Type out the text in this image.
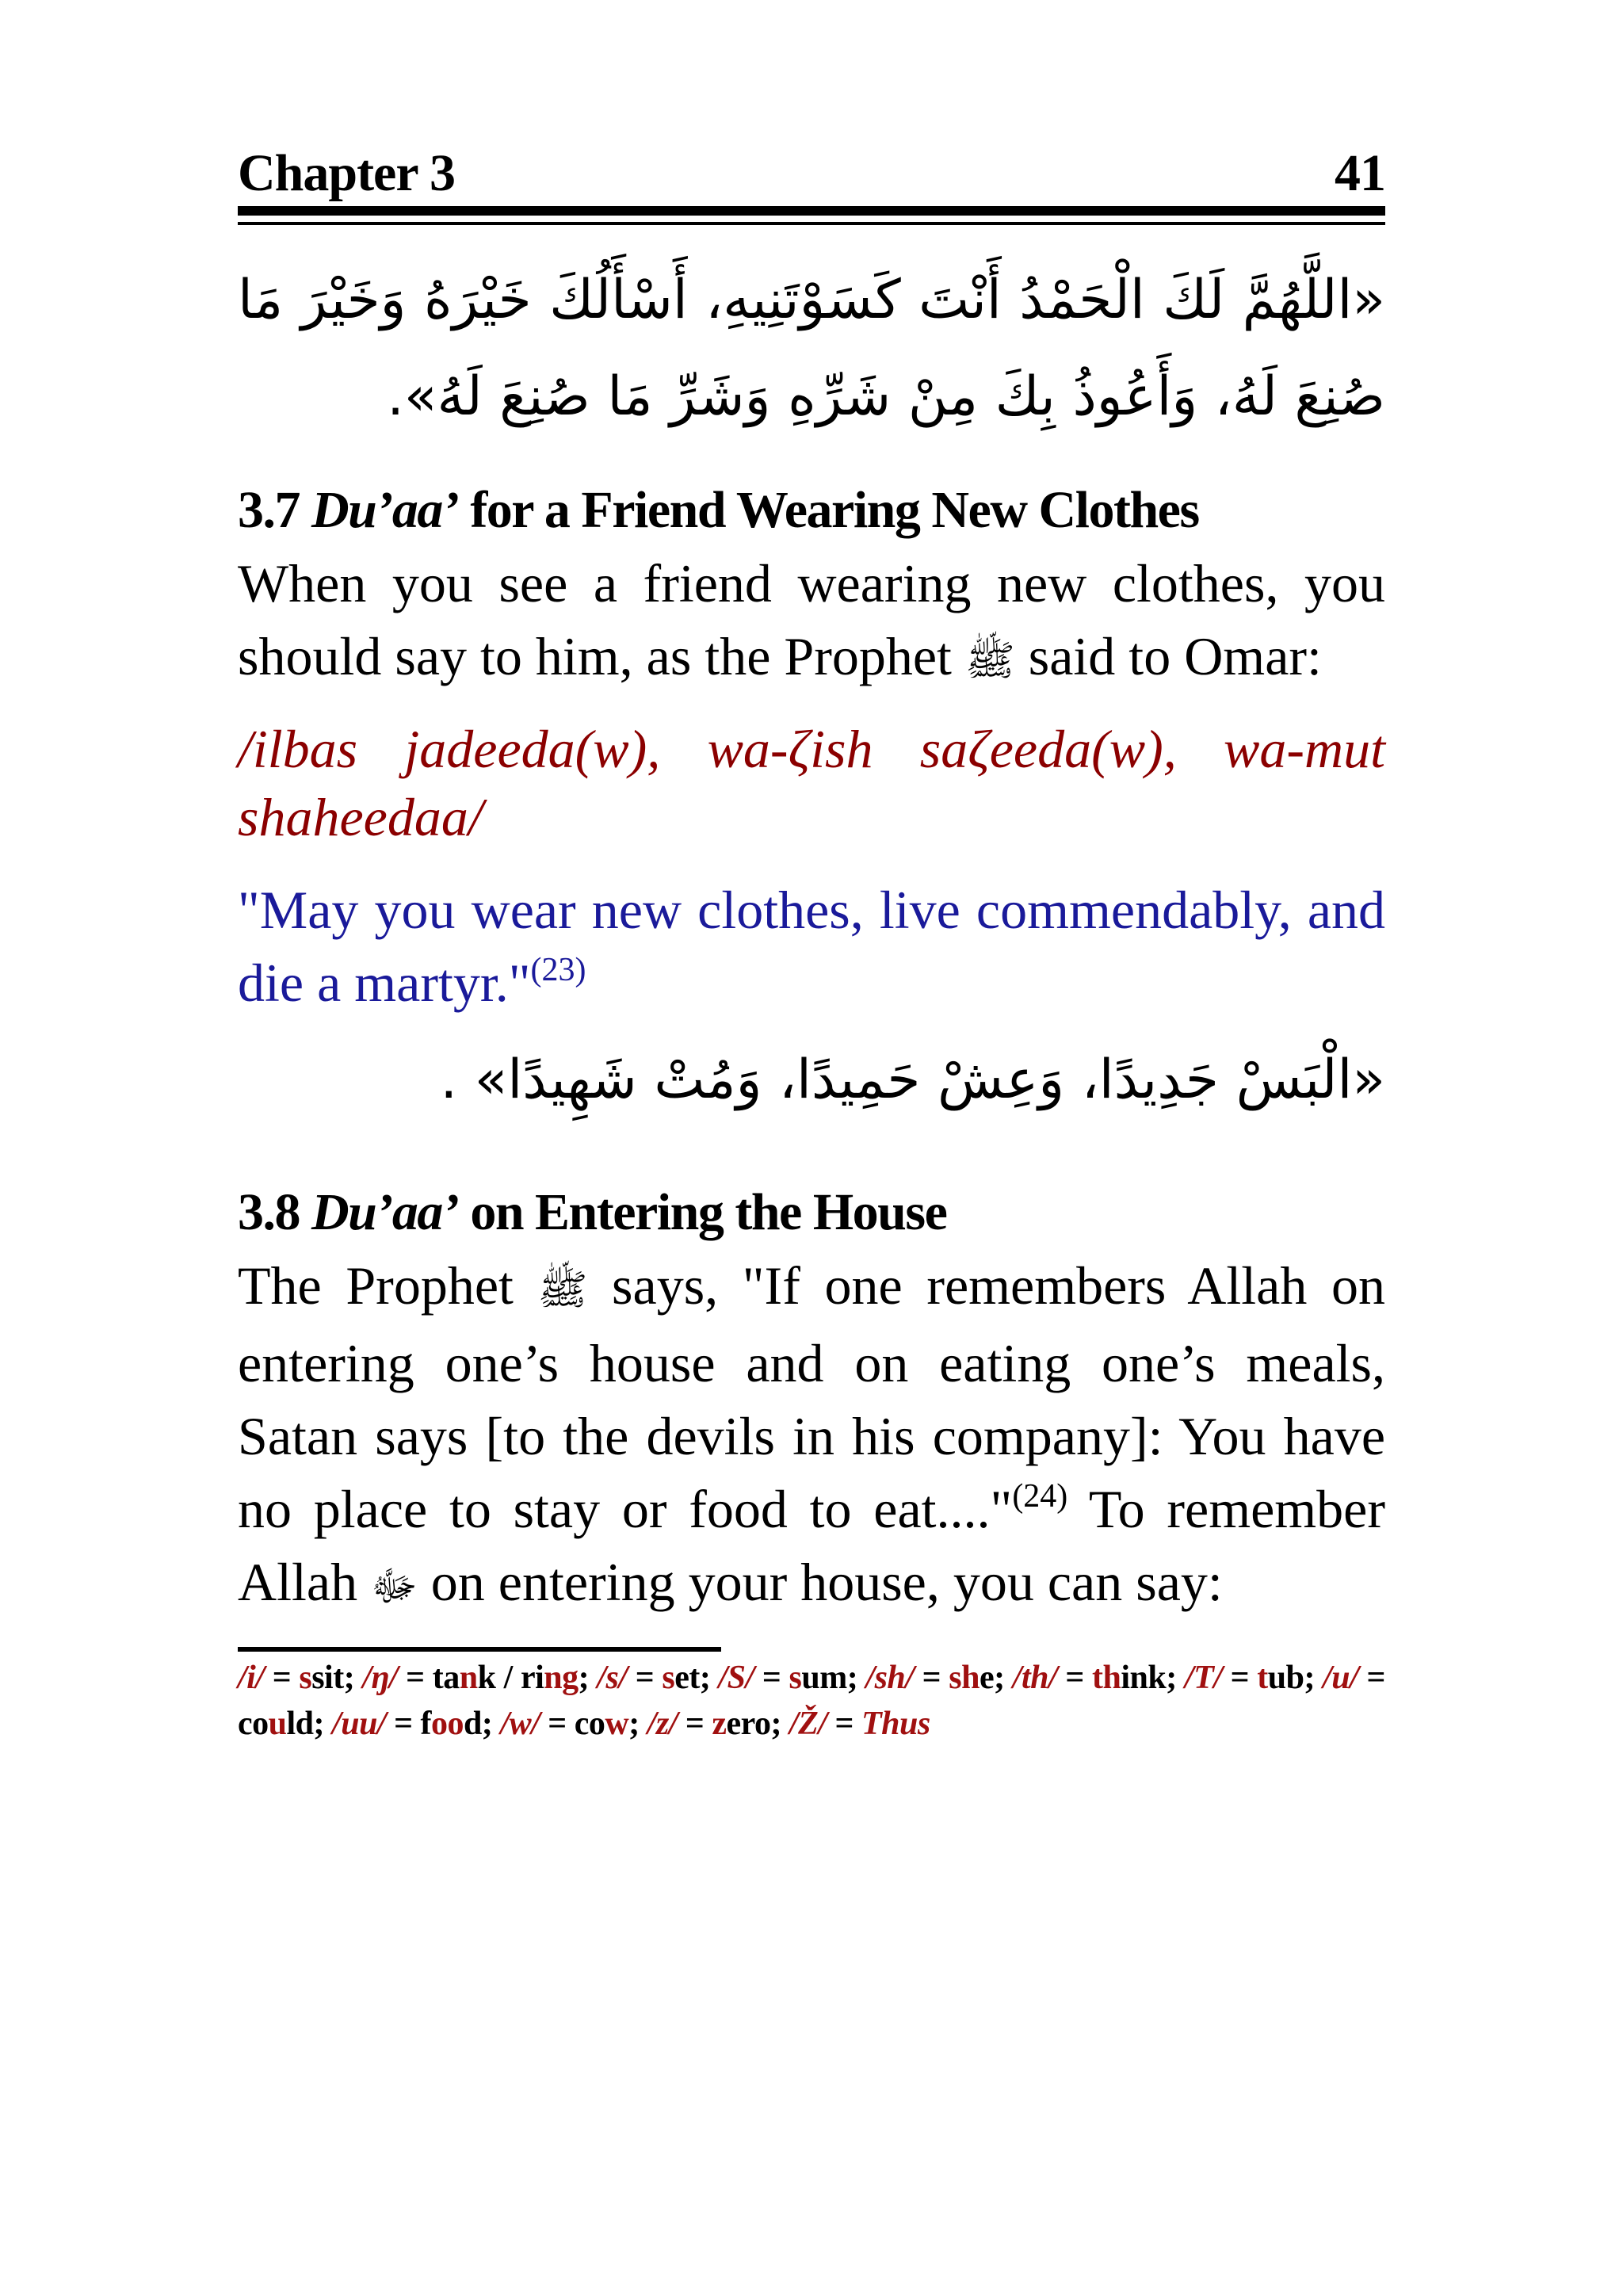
Chapter 3	41
«اللَّهُمَّ لَكَ الْحَمْدُ أَنْتَ كَسَوْتَنِيهِ، أَسْأَلُكَ خَيْرَهُ وَخَيْرَ مَا صُنِعَ لَهُ، وَأَعُوذُ بِكَ مِنْ شَرِّهِ وَشَرِّ مَا صُنِعَ لَهُ».
3.7 Du’aa’ for a Friend Wearing New Clothes

When you see a friend wearing new clothes, you should say to him, as the Prophet ﷺ said to Omar:

/ilbas jadeeda(w), wa-ζish saζeeda(w), wa-mut shaheedaa/

"May you wear new clothes, live commendably, and die a martyr."$^{(23)}$

«الْبَسْ جَدِيدًا، وَعِشْ حَمِيدًا، وَمُتْ شَهِيدًا» .
3.8 Du’aa’ on Entering the House

The Prophet ﷺ says, "If one remembers Allah on entering one’s house and on eating one’s meals, Satan says [to the devils in his company]: You have no place to stay or food to eat...."$^{(24)}$ To remember Allah ﷻ on entering your house, you can say:

/i/ = ssit; /ŋ/ = tank / ring; /s/ = set; /S/ = sum; /sh/ = she; /th/ = think; /T/ = tub; /u/ = could; /uu/ = food; /w/ = cow; /z/ = zero; /Ž/ = Thus
